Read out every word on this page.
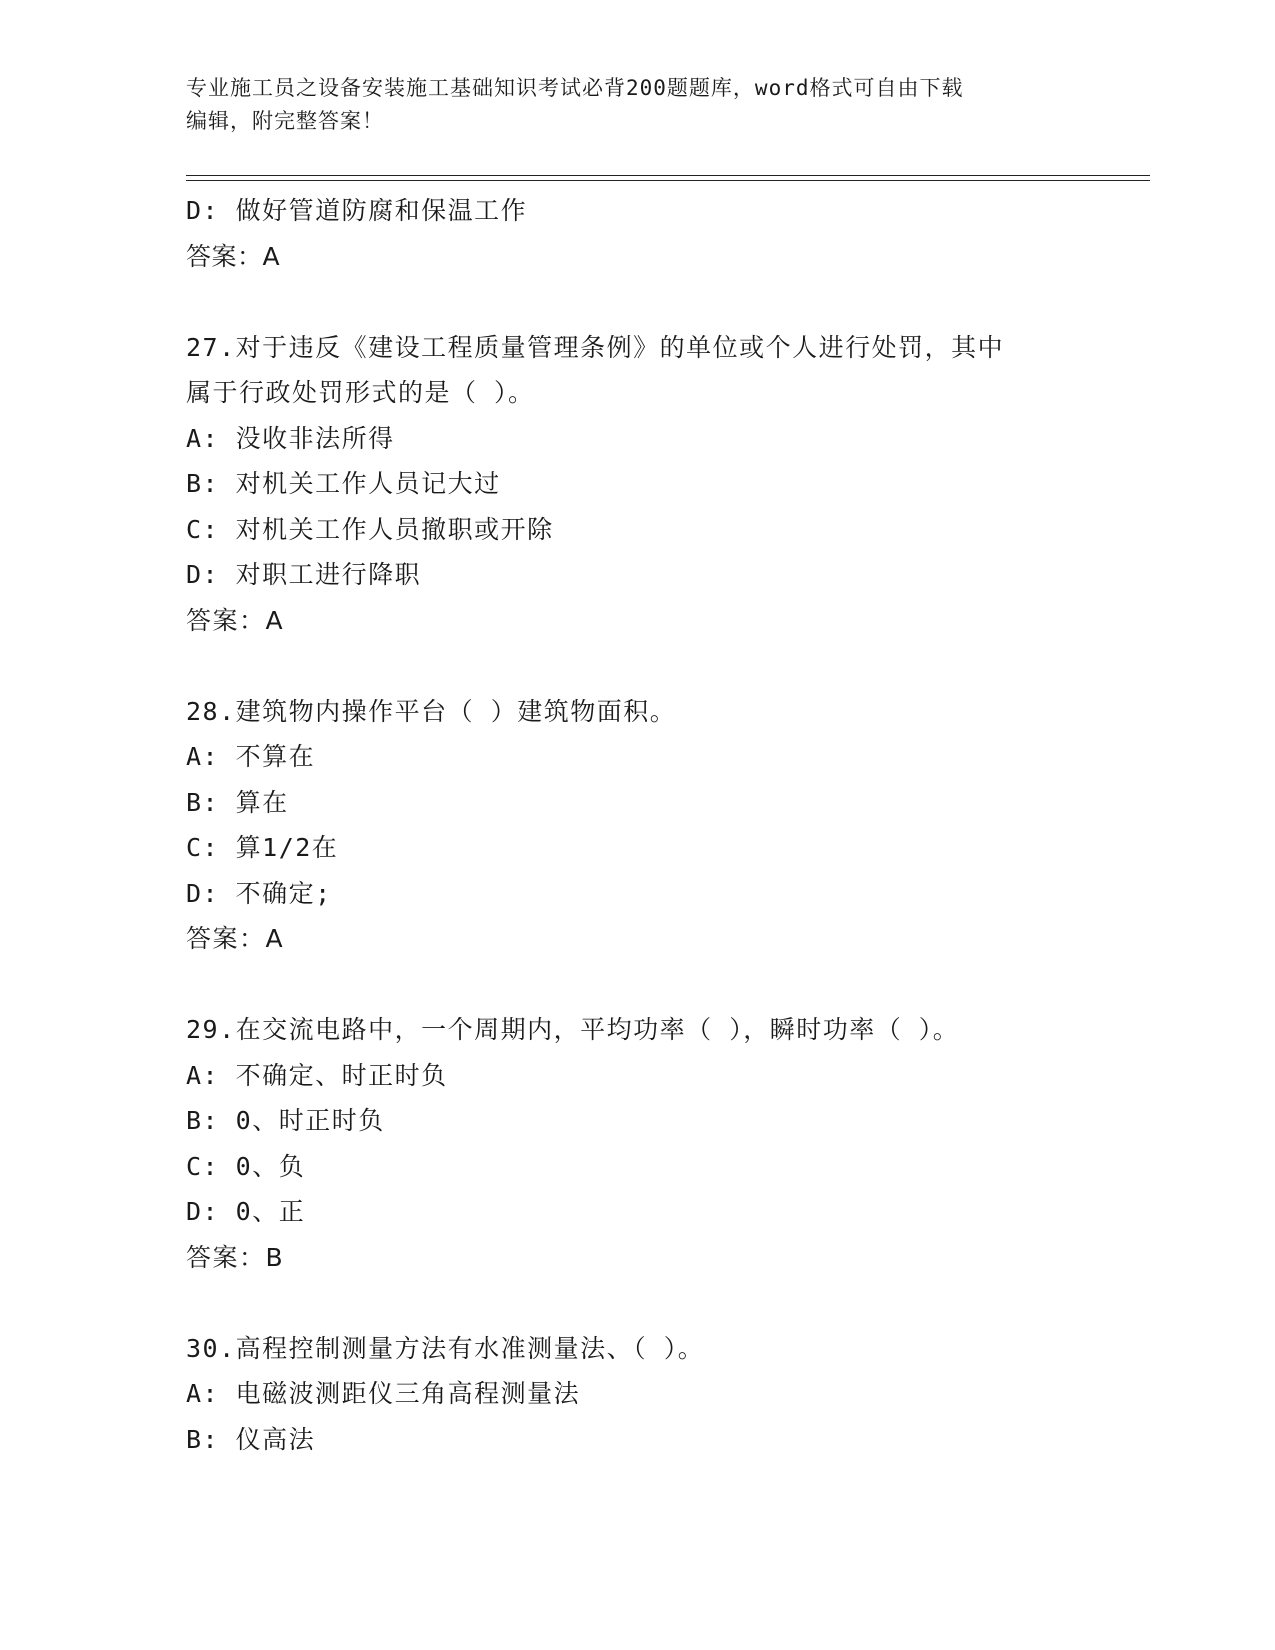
专业施工员之设备安装施工基础知识考试必背200题题库，word格式可自由下载
编辑，附完整答案！
D: 做好管道防腐和保温工作
答案：A
27.对于违反《建设工程质量管理条例》的单位或个人进行处罚，其中
属于行政处罚形式的是（ ）。
A: 没收非法所得
B: 对机关工作人员记大过
C: 对机关工作人员撤职或开除
D: 对职工进行降职
答案：A
28.建筑物内操作平台（ ）建筑物面积。
A: 不算在
B: 算在
C: 算1/2在
D: 不确定;
答案：A
29.在交流电路中，一个周期内，平均功率（ ），瞬时功率（ ）。
A: 不确定、时正时负
B: 0、时正时负
C: 0、负
D: 0、正
答案：B
30.高程控制测量方法有水准测量法、（ ）。
A: 电磁波测距仪三角高程测量法
B: 仪高法
